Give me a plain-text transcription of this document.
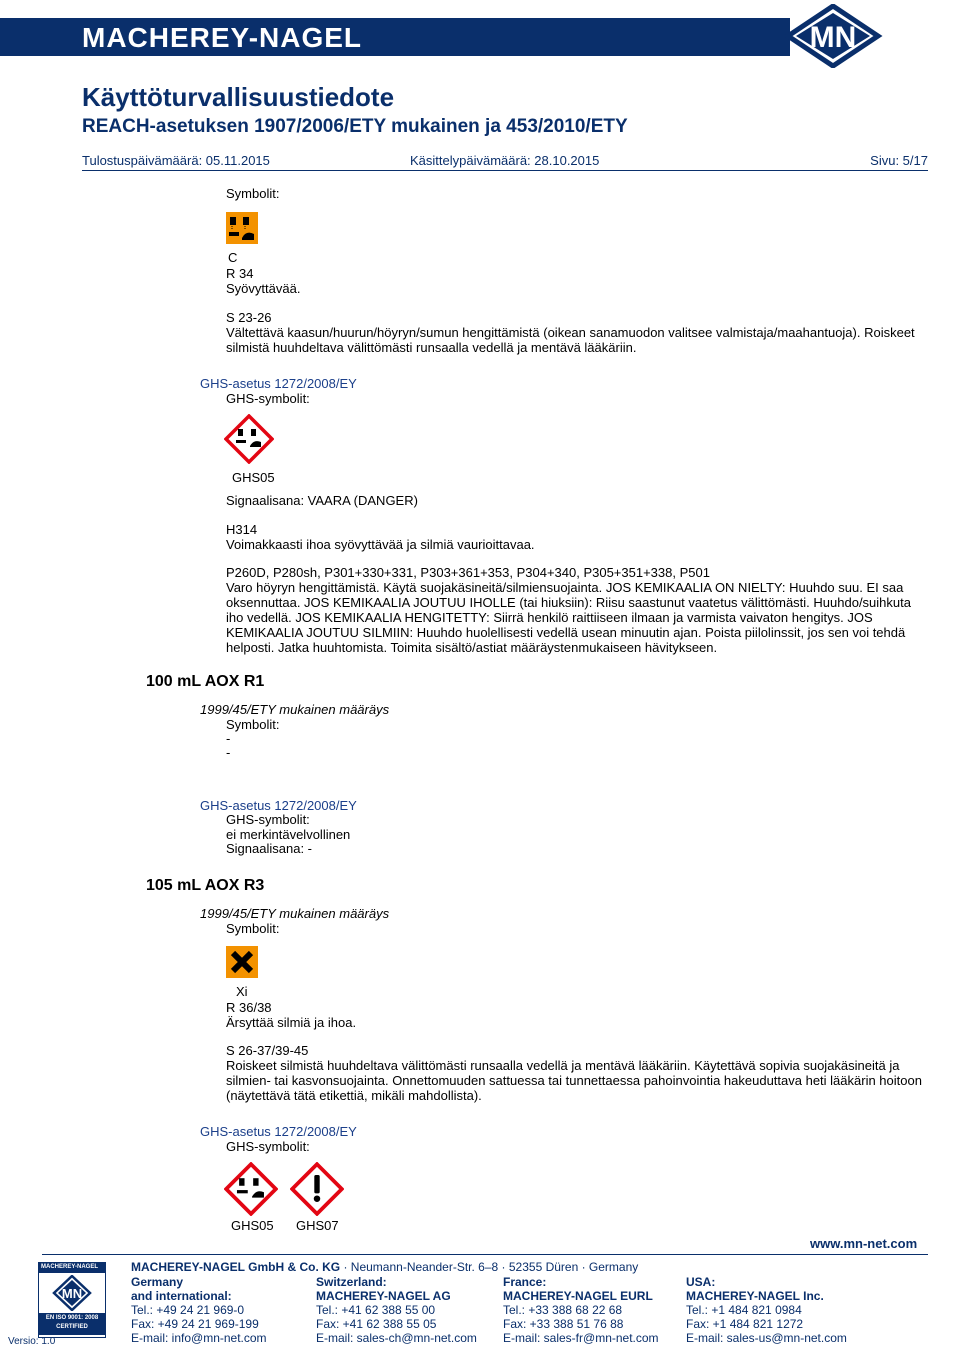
MACHEREY-NAGEL	MN
Käyttöturvallisuustiedote
REACH-asetuksen 1907/2006/ETY mukainen ja 453/2010/ETY
Tulostuspäivämäärä: 05.11.2015	Käsittelypäivämäärä: 28.10.2015	Sivu: 5/17
Symbolit:
C
R 34
Syövyttävää.
S 23-26
Vältettävä kaasun/huurun/höyryn/sumun hengittämistä (oikean sanamuodon valitsee valmistaja/maahantuoja). Roiskeet silmistä huuhdeltava välittömästi runsaalla vedellä ja mentävä lääkäriin.
GHS-asetus 1272/2008/EY
GHS-symbolit:
GHS05
Signaalisana: VAARA (DANGER)
H314
Voimakkaasti ihoa syövyttävää ja silmiä vaurioittavaa.
P260D, P280sh, P301+330+331, P303+361+353, P304+340, P305+351+338, P501
Varo höyryn hengittämistä. Käytä suojakäsineitä/silmiensuojainta. JOS KEMIKAALIA ON NIELTY: Huuhdo suu. EI saa oksennuttaa. JOS KEMIKAALIA JOUTUU IHOLLE (tai hiuksiin): Riisu saastunut vaatetus välittömästi. Huuhdo/suihkuta iho vedellä. JOS KEMIKAALIA HENGITETTY: Siirrä henkilö raittiiseen ilmaan ja varmista vaivaton hengitys. JOS KEMIKAALIA JOUTUU SILMIIN: Huuhdo huolellisesti vedellä usean minuutin ajan. Poista piilolinssit, jos sen voi tehdä helposti. Jatka huuhtomista. Toimita sisältö/astiat määräystenmukaiseen hävitykseen.
100 mL AOX R1
1999/45/ETY mukainen määräys
Symbolit:
-
-
GHS-asetus 1272/2008/EY
GHS-symbolit:
ei merkintävelvollinen
Signaalisana: -
105 mL AOX R3
1999/45/ETY mukainen määräys
Symbolit:
Xi
R 36/38
Ärsyttää silmiä ja ihoa.
S 26-37/39-45
Roiskeet silmistä huuhdeltava välittömästi runsaalla vedellä ja mentävä lääkäriin. Käytettävä sopivia suojakäsineitä ja silmien- tai kasvonsuojainta. Onnettomuuden sattuessa tai tunnettaessa pahoinvointia hakeuduttava heti lääkärin hoitoon (näytettävä tätä etikettiä, mikäli mahdollista).
GHS-asetus 1272/2008/EY
GHS-symbolit:
GHS05 GHS07
www.mn-net.com
MACHEREY-NAGEL
MN
EN ISO 9001: 2008
CERTIFIED
Versio: 1.0
MACHEREY-NAGEL GmbH & Co. KG · Neumann-Neander-Str. 6–8 · 52355 Düren · Germany
Germany
and international:
Tel.: +49 24 21 969-0
Fax: +49 24 21 969-199
E-mail: info@mn-net.com
Switzerland:
MACHEREY-NAGEL AG
Tel.: +41 62 388 55 00
Fax: +41 62 388 55 05
E-mail: sales-ch@mn-net.com
France:
MACHEREY-NAGEL EURL
Tel.: +33 388 68 22 68
Fax: +33 388 51 76 88
E-mail: sales-fr@mn-net.com
USA:
MACHEREY-NAGEL Inc.
Tel.: +1 484 821 0984
Fax: +1 484 821 1272
E-mail: sales-us@mn-net.com
